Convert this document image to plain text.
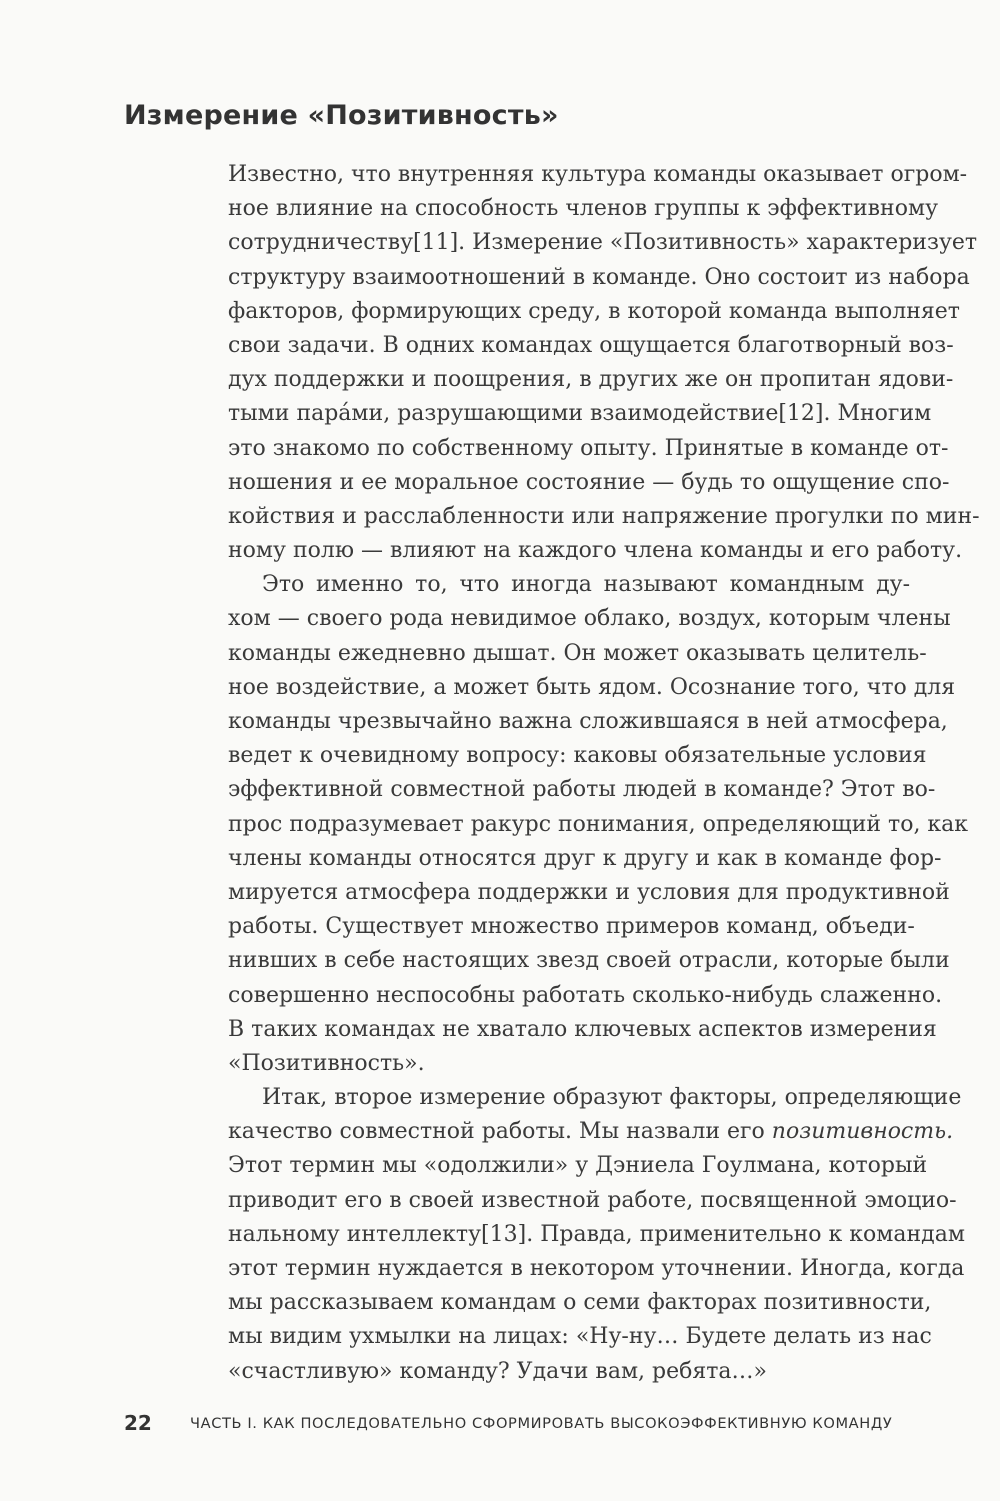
Измерение «Позитивность»
Известно, что внутренняя культура команды оказывает огром-
ное влияние на способность членов группы к эффективному
сотрудничеству[11]. Измерение «Позитивность» характеризует
структуру взаимоотношений в команде. Оно состоит из набора
факторов, формирующих среду, в которой команда выполняет
свои задачи. В одних командах ощущается благотворный воз-
дух поддержки и поощрения, в других же он пропитан ядови-
тыми пара́ми, разрушающими взаимодействие[12]. Многим
это знакомо по собственному опыту. Принятые в команде от-
ношения и ее моральное состояние — будь то ощущение спо-
койствия и расслабленности или напряжение прогулки по мин-
ному полю — влияют на каждого члена команды и его работу.
Это именно то, что иногда называют командным ду-
хом — своего рода невидимое облако, воздух, которым члены
команды ежедневно дышат. Он может оказывать целитель-
ное воздействие, а может быть ядом. Осознание того, что для
команды чрезвычайно важна сложившаяся в ней атмосфера,
ведет к очевидному вопросу: каковы обязательные условия
эффективной совместной работы людей в команде? Этот во-
прос подразумевает ракурс понимания, определяющий то, как
члены команды относятся друг к другу и как в команде фор-
мируется атмосфера поддержки и условия для продуктивной
работы. Существует множество примеров команд, объеди-
нивших в себе настоящих звезд своей отрасли, которые были
совершенно неспособны работать сколько-нибудь слаженно.
В таких командах не хватало ключевых аспектов измерения
«Позитивность».
Итак, второе измерение образуют факторы, определяющие
качество совместной работы. Мы назвали его позитивность.
Этот термин мы «одолжили» у Дэниела Гоулмана, который
приводит его в своей известной работе, посвященной эмоцио-
нальному интеллекту[13]. Правда, применительно к командам
этот термин нуждается в некотором уточнении. Иногда, когда
мы рассказываем командам о семи факторах позитивности,
мы видим ухмылки на лицах: «Ну-ну… Будете делать из нас
«счастливую» команду? Удачи вам, ребята…»
22	ЧАСТЬ I. КАК ПОСЛЕДОВАТЕЛЬНО СФОРМИРОВАТЬ ВЫСОКОЭФФЕКТИВНУЮ КОМАНДУ
